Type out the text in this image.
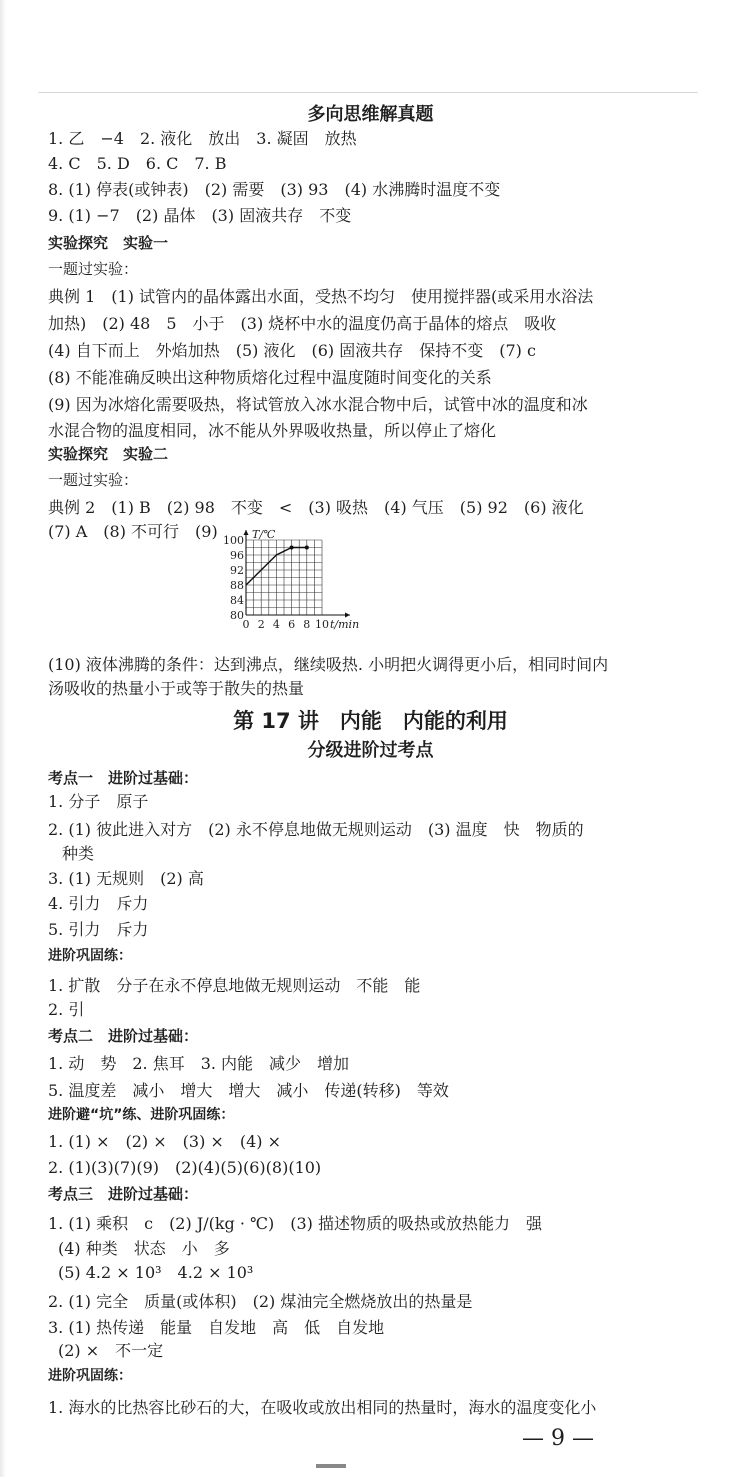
多向思维解真题
1. 乙　−4　2. 液化　放出　3. 凝固　放热
4. C　5. D　6. C　7. B
8. (1) 停表(或钟表)　(2) 需要　(3) 93　(4) 水沸腾时温度不变
9. (1) −7　(2) 晶体　(3) 固液共存　不变
实验探究　实验一
一题过实验：
典例 1　(1) 试管内的晶体露出水面，受热不均匀　使用搅拌器(或采用水浴法
加热)　(2) 48　5　小于　(3) 烧杯中水的温度仍高于晶体的熔点　吸收
(4) 自下而上　外焰加热　(5) 液化　(6) 固液共存　保持不变　(7) c
(8) 不能准确反映出这种物质熔化过程中温度随时间变化的关系
(9) 因为冰熔化需要吸热，将试管放入冰水混合物中后，试管中冰的温度和冰
水混合物的温度相同，冰不能从外界吸收热量，所以停止了熔化
实验探究　实验二
一题过实验：
典例 2　(1) B　(2) 98　不变　<　(3) 吸热　(4) 气压　(5) 92　(6) 液化
(7) A　(8) 不可行　(9)
80
84
88
92
96
100
0 2 4 6 8 10
T/℃
t/min
(10) 液体沸腾的条件：达到沸点，继续吸热. 小明把火调得更小后，相同时间内
汤吸收的热量小于或等于散失的热量
第 17 讲　内能　内能的利用
分级进阶过考点
考点一　进阶过基础：
1. 分子　原子
2. (1) 彼此进入对方　(2) 永不停息地做无规则运动　(3) 温度　快　物质的
种类
3. (1) 无规则　(2) 高
4. 引力　斥力
5. 引力　斥力
进阶巩固练：
1. 扩散　分子在永不停息地做无规则运动　不能　能
2. 引
考点二　进阶过基础：
1. 动　势　2. 焦耳　3. 内能　减少　增加
5. 温度差　减小　增大　增大　减小　传递(转移)　等效
进阶避“坑”练、进阶巩固练：
1. (1) ×　(2) ×　(3) ×　(4) ×
2. (1)(3)(7)(9)　(2)(4)(5)(6)(8)(10)
考点三　进阶过基础：
1. (1) 乘积　c　(2) J/(kg · ℃)　(3) 描述物质的吸热或放热能力　强
(4) 种类　状态　小　多
(5) 4.2 × 10³　4.2 × 10³
2. (1) 完全　质量(或体积)　(2) 煤油完全燃烧放出的热量是
3. (1) 热传递　能量　自发地　高　低　自发地
(2) ×　不一定
进阶巩固练：
1. 海水的比热容比砂石的大，在吸收或放出相同的热量时，海水的温度变化小
— 9 —
